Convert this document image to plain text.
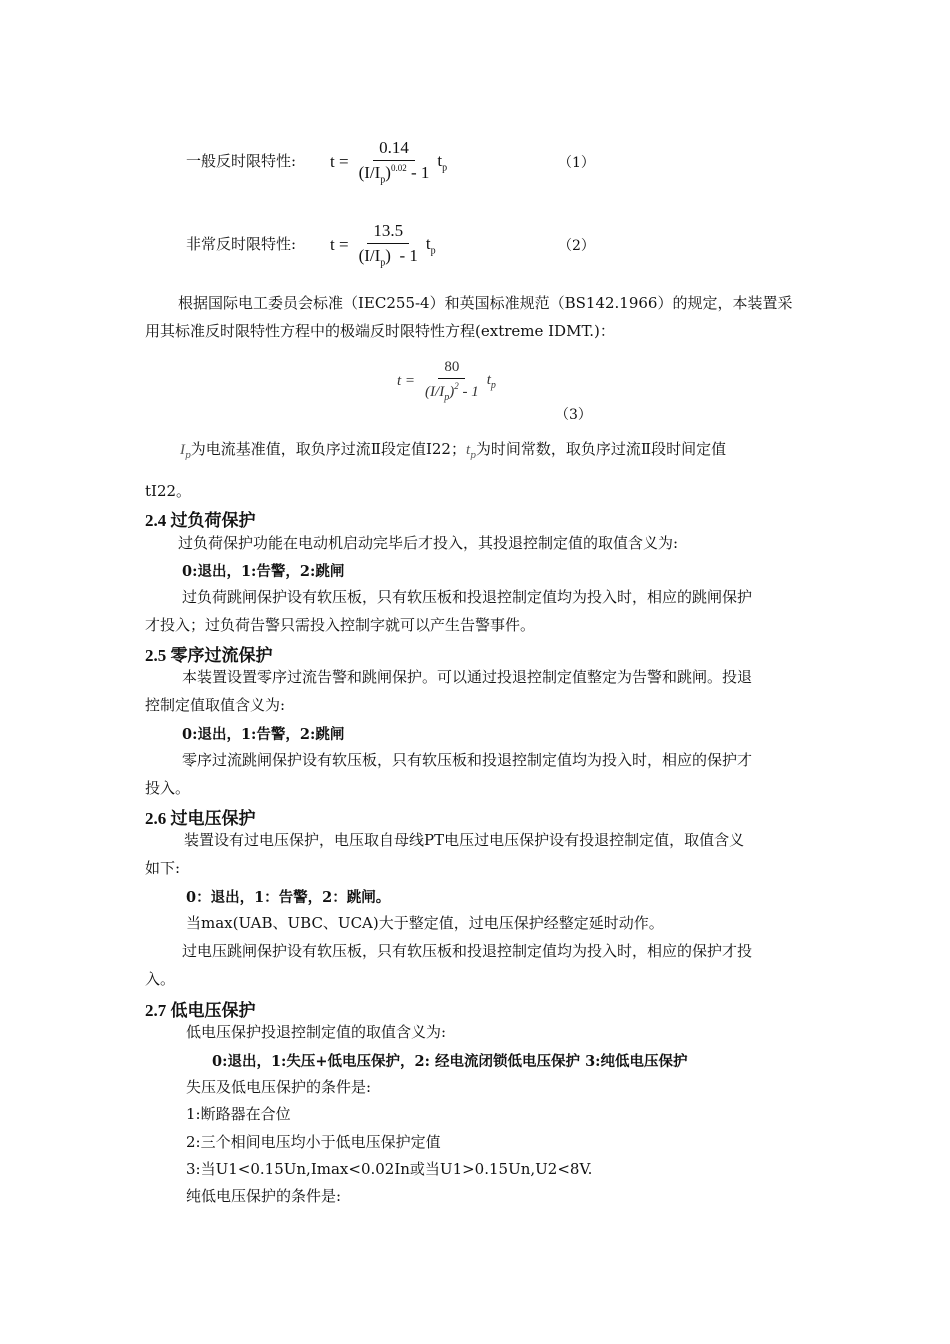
一般反时限特性: $t = \frac{0.14}{(I/I_p)^{0.02} - 1} t_p$	（1）
非常反时限特性: $t = \frac{13.5}{(I/I_p) - 1} t_p$	（2）
根据国际电工委员会标准（IEC255-4）和英国标准规范（BS142.1966）的规定，本装置采
用其标准反时限特性方程中的极端反时限特性方程(extreme IDMT.)：
$t = \frac{80}{(I/I_p)^2 - 1} t_p$
（3）
$I_p$为电流基准值，取负序过流Ⅱ段定值I22；$t_p$为时间常数，取负序过流Ⅱ段时间定值
tI22。
2.4 过负荷保护
过负荷保护功能在电动机启动完毕后才投入，其投退控制定值的取值含义为:
0:退出，1:告警，2:跳闸
过负荷跳闸保护设有软压板，只有软压板和投退控制定值均为投入时，相应的跳闸保护
才投入；过负荷告警只需投入控制字就可以产生告警事件。
2.5 零序过流保护
本装置设置零序过流告警和跳闸保护。可以通过投退控制定值整定为告警和跳闸。投退
控制定值取值含义为:
0:退出，1:告警，2:跳闸
零序过流跳闸保护设有软压板，只有软压板和投退控制定值均为投入时，相应的保护才
投入。
2.6 过电压保护
装置设有过电压保护，电压取自母线PT电压过电压保护设有投退控制定值，取值含义
如下:
0：退出，1：告警，2：跳闸。
当max(UAB、UBC、UCA)大于整定值，过电压保护经整定延时动作。
过电压跳闸保护设有软压板，只有软压板和投退控制定值均为投入时，相应的保护才投
入。
2.7 低电压保护
低电压保护投退控制定值的取值含义为:
0:退出，1:失压+低电压保护，2: 经电流闭锁低电压保护 3:纯低电压保护
失压及低电压保护的条件是:
1:断路器在合位
2:三个相间电压均小于低电压保护定值
3:当U1<0.15Un,Imax<0.02In或当U1>0.15Un,U2<8V.
纯低电压保护的条件是:
